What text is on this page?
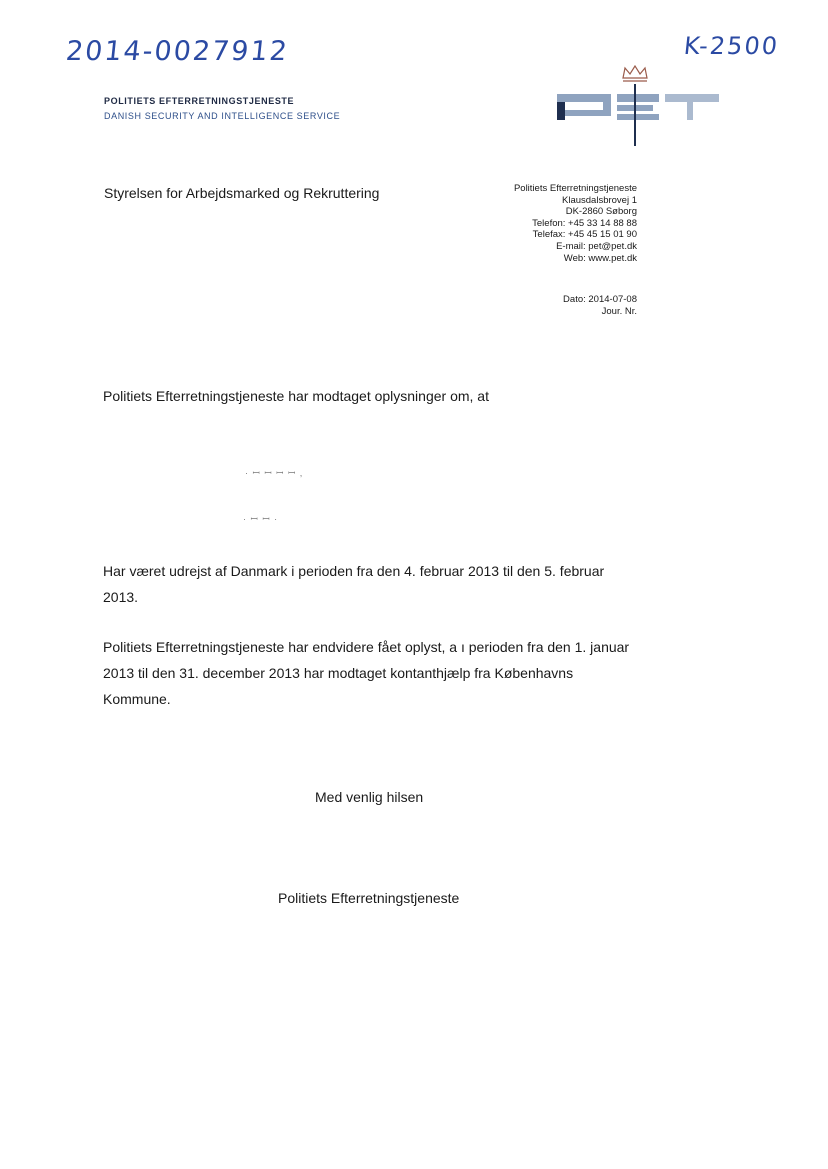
2014-0027912	K-2500
POLITIETS EFTERRETNINGSTJENESTE
DANISH SECURITY AND INTELLIGENCE SERVICE
Styrelsen for Arbejdsmarked og Rekruttering	Politiets Efterretningstjeneste
Klausdalsbrovej 1
DK-2860 Søborg
Telefon: +45 33 14 88 88
Telefax: +45 45 15 01 90
E-mail: pet@pet.dk
Web: www.pet.dk
Dato: 2014-07-08
Jour. Nr.
Politiets Efterretningstjeneste har modtaget oplysninger om, at
· ꟷ ꟷ ꟷ ꟷ ,
· ꟷ ꟷ ·
Har været udrejst af Danmark i perioden fra den 4. februar 2013 til den 5. februar 2013.
Politiets Efterretningstjeneste har endvidere fået oplyst, a ı perioden fra den 1. januar 2013 til den 31. december 2013 har modtaget kontanthjælp fra Københavns Kommune.
Med venlig hilsen
Politiets Efterretningstjeneste
